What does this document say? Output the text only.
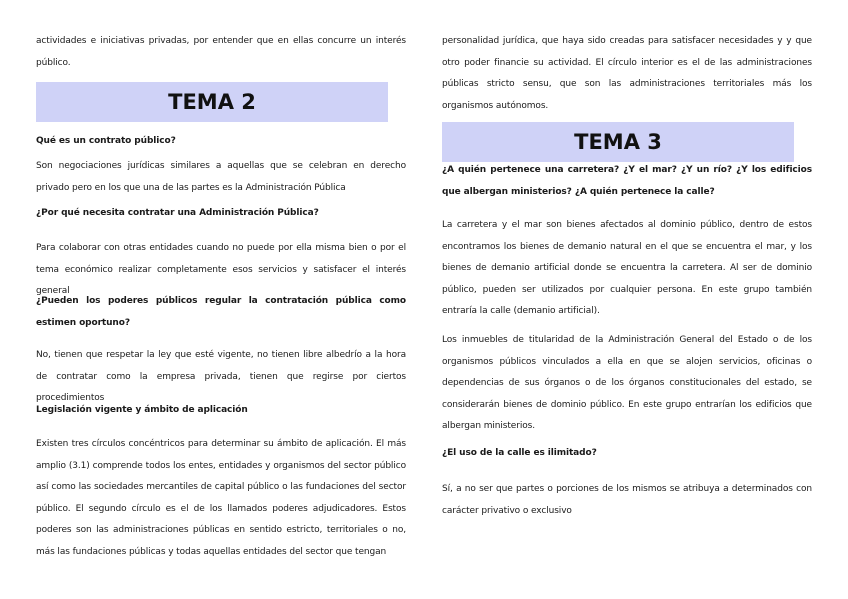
actividades e iniciativas privadas, por entender que en ellas concurre un interés público.

TEMA 2

Qué es un contrato público?

Son negociaciones jurídicas similares a aquellas que se celebran en derecho privado pero en los que una de las partes es la Administración Pública

¿Por qué necesita contratar una Administración Pública?

Para colaborar con otras entidades cuando no puede por ella misma bien o por el tema económico realizar completamente esos servicios y satisfacer el interés general

¿Pueden los poderes públicos regular la contratación pública como estimen oportuno?

No, tienen que respetar la ley que esté vigente, no tienen libre albedrío a la hora de contratar como la empresa privada, tienen que regirse por ciertos procedimientos

Legislación vigente y ámbito de aplicación

Existen tres círculos concéntricos para determinar su ámbito de aplicación. El más amplio (3.1) comprende todos los entes, entidades y organismos del sector público así como las sociedades mercantiles de capital público o las fundaciones del sector público. El segundo círculo es el de los llamados poderes adjudicadores. Estos poderes son las administraciones públicas en sentido estricto, territoriales o no, más las fundaciones públicas y todas aquellas entidades del sector que tengan

personalidad jurídica, que haya sido creadas para satisfacer necesidades y y que otro poder financie su actividad. El círculo interior es el de las administraciones públicas stricto sensu, que son las administraciones territoriales más los organismos autónomos.

TEMA 3

¿A quién pertenece una carretera? ¿Y el mar? ¿Y un río? ¿Y los edificios que albergan ministerios? ¿A quién pertenece la calle?

La carretera y el mar son bienes afectados al dominio público, dentro de estos encontramos los bienes de demanio natural en el que se encuentra el mar, y los bienes de demanio artificial donde se encuentra la carretera. Al ser de dominio público, pueden ser utilizados por cualquier persona. En este grupo también entraría la calle (demanio artificial).

Los inmuebles de titularidad de la Administración General del Estado o de los organismos públicos vinculados a ella en que se alojen servicios, oficinas o dependencias de sus órganos o de los órganos constitucionales del estado, se considerarán bienes de dominio público. En este grupo entrarían los edificios que albergan ministerios.

¿El uso de la calle es ilimitado?

Sí, a no ser que partes o porciones de los mismos se atribuya a determinados con carácter privativo o exclusivo
